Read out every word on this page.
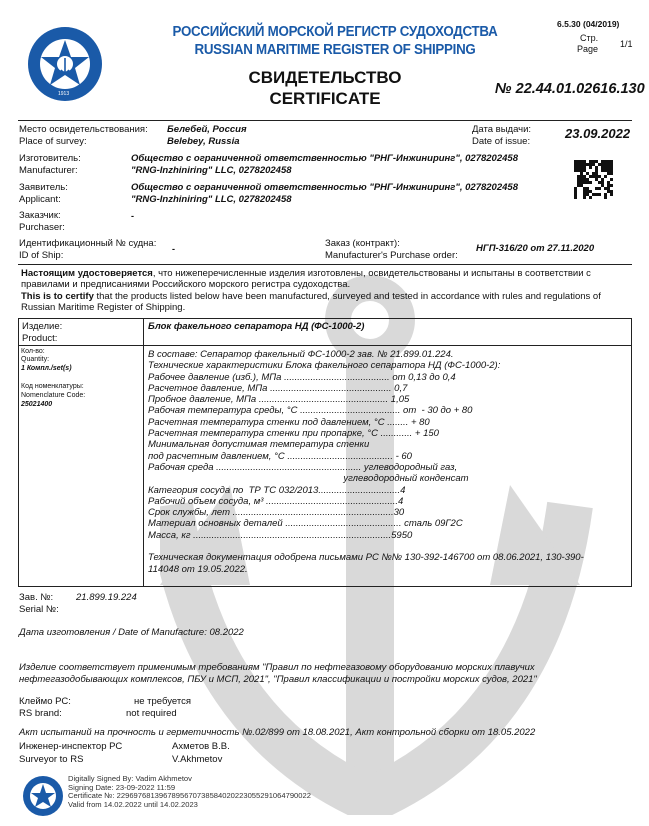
1913
РОССИЙСКИЙ МОРСКОЙ РЕГИСТР СУДОХОДСТВА
RUSSIAN MARITIME REGISTER OF SHIPPING
6.5.30 (04/2019)
Стр.
Page 1/1
СВИДЕТЕЛЬСТВО
CERTIFICATE	№ 22.44.01.02616.130
Место освидетельствования:
Place of survey:
Белебей, Россия
Belebey, Russia
Дата выдачи:
Date of issue:
23.09.2022
Изготовитель:
Manufacturer:
Общество с ограниченной ответственностью "РНГ-Инжиниринг", 0278202458
"RNG-Inzhiniring" LLC, 0278202458
Заявитель:
Applicant:
Общество с ограниченной ответственностью "РНГ-Инжиниринг", 0278202458
"RNG-Inzhiniring" LLC, 0278202458
Заказчик:
Purchaser:
-
Идентификационный № судна:
ID of Ship:
-	Заказ (контракт):
Manufacturer's Purchase order:
НГП-316/20 от 27.11.2020
Настоящим удостоверяется, что нижеперечисленные изделия изготовлены, освидетельствованы и испытаны в соответствии с правилами и предписаниями Российского морского регистра судоходства.
This is to certify that the products listed below have been manufactured, surveyed and tested in accordance with rules and regulations of Russian Maritime Register of Shipping.
Изделие:
Product:
Блок факельного сепаратора НД (ФС-1000-2)
Кол-во:
Quantity:
1 Компл./set(s)
Код номенклатуры:
Nomenclature Code:
25021400
В составе: Сепаратор факельный ФС-1000-2 зав. № 21.899.01.224.
Технические характеристики Блока факельного сепаратора НД (ФС-1000-2):
Рабочее давление (изб.), МПа ........................................ от 0,13 до 0,4
Расчетное давление, МПа .............................................. 0,7
Пробное давление, МПа ................................................. 1,05
Рабочая температура среды, °С ...................................... от  - 30 до + 80
Расчетная температура стенки под давлением, °С ........ + 80
Расчетная температура стенки при пропарке, °С ............ + 150
Минимальная допустимая температура стенки
под расчетным давлением, °С ........................................ - 60
Рабочая среда ....................................................... углеводородный газ,
углеводородный конденсат
Категория сосуда по  ТР ТС 032/2013...............................4
Рабочий объем сосуда, м³ ..................................................4
Срок службы, лет .............................................................30
Материал основных деталей ............................................ сталь 09Г2С
Масса, кг ...........................................................................5950

Техническая документация одобрена письмами РС №№ 130-392-146700 от 08.06.2021, 130-390-
114048 от 19.05.2022.
Зав. №:
Serial №:
21.899.19.224
Дата изготовления / Date of Manufacture: 08.2022
Изделие соответствует применимым требованиям "Правил по нефтегазовому оборудованию морских плавучих
нефтегазодобывающих комплексов, ПБУ и МСП, 2021", "Правил классификации и постройки морских судов, 2021"
Клеймо РС:
RS brand:
не требуется
not required
Акт испытаний на прочность и герметичность №.02/899 от 18.08.2021, Акт контрольной сборки от 18.05.2022
Инженер-инспектор РС
Surveyor to RS
Ахметов В.В.
V.Akhmetov
Digitally Signed By: Vadim Akhmetov
Signing Date: 23-09-2022 11:59
Certificate №: 2296976813967895670738584020223055291064790022
Valid from 14.02.2022 until 14.02.2023
